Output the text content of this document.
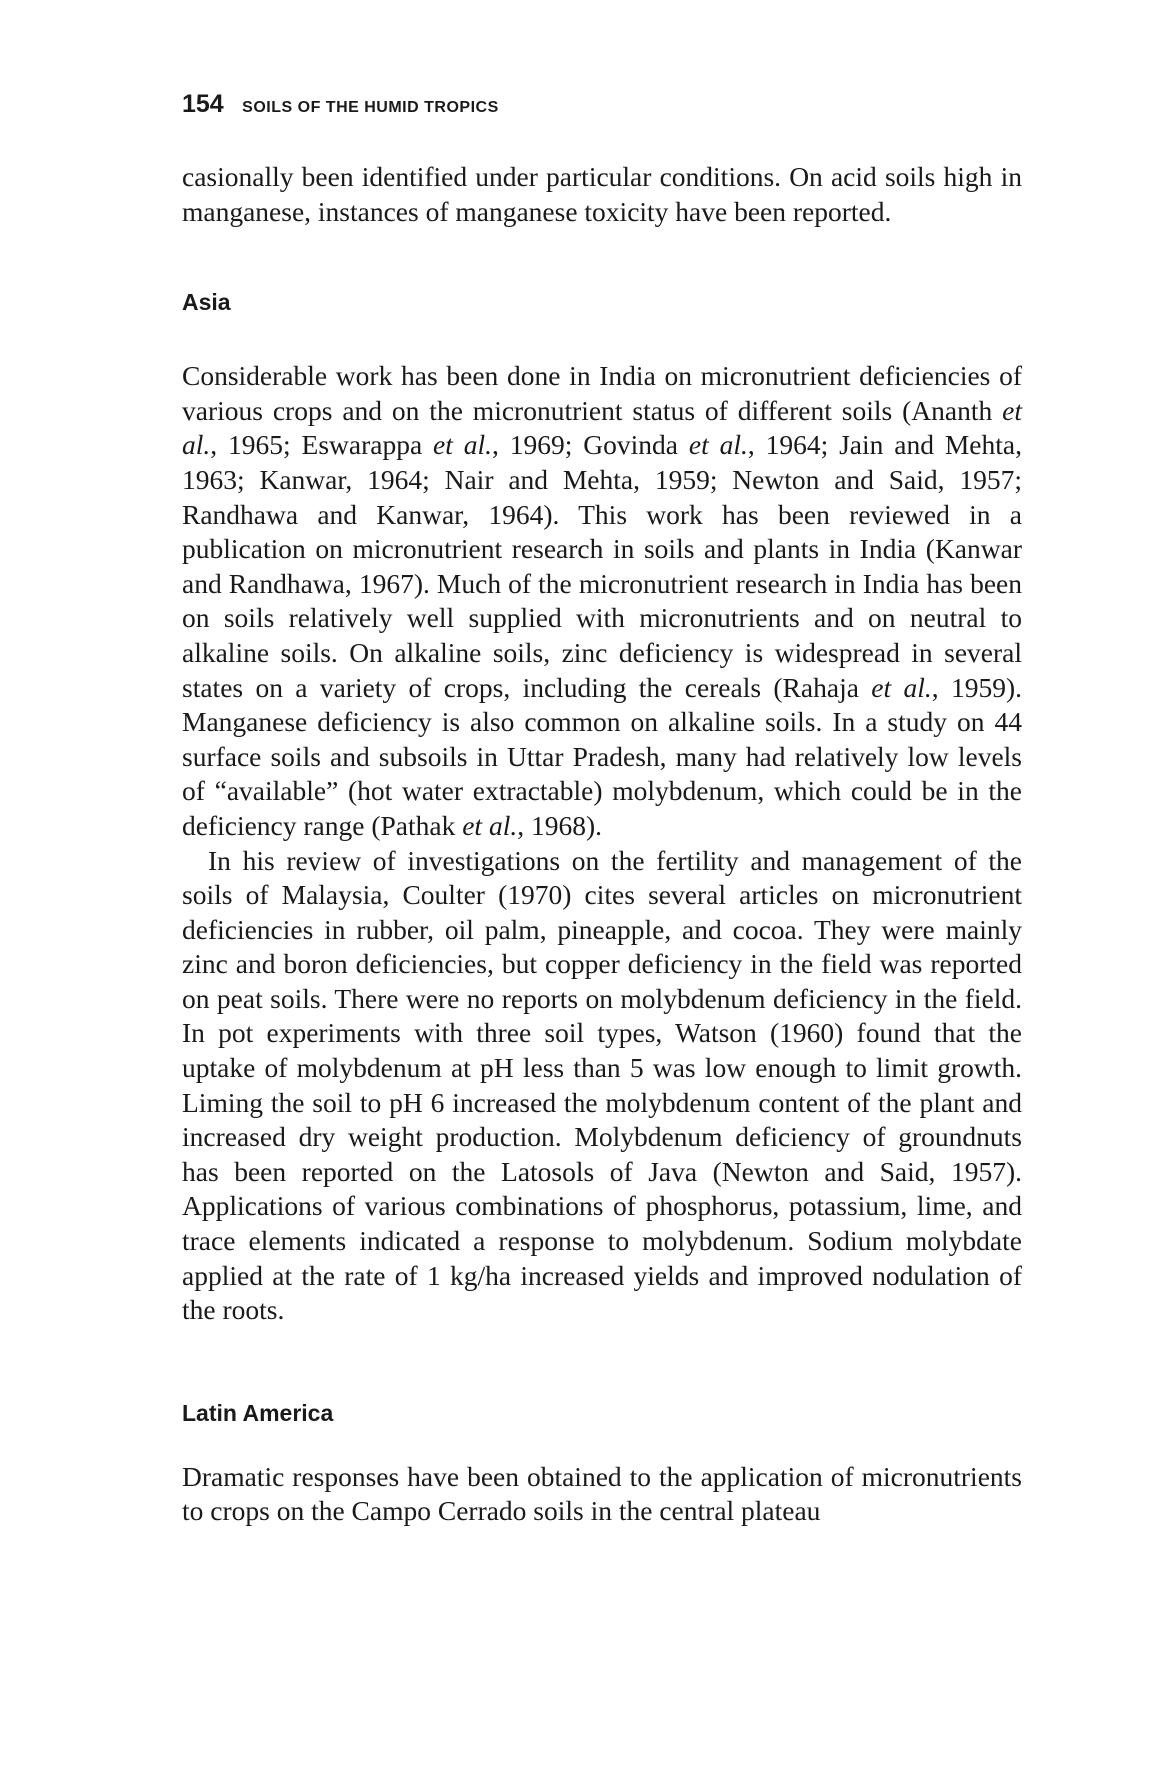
154 SOILS OF THE HUMID TROPICS

casionally been identified under particular conditions. On acid soils high in manganese, instances of manganese toxicity have been reported.

Asia

Considerable work has been done in India on micronutrient deficiencies of various crops and on the micronutrient status of different soils (Ananth et al., 1965; Eswarappa et al., 1969; Govinda et al., 1964; Jain and Mehta, 1963; Kanwar, 1964; Nair and Mehta, 1959; Newton and Said, 1957; Randhawa and Kanwar, 1964). This work has been reviewed in a publication on micronutrient research in soils and plants in India (Kanwar and Randhawa, 1967). Much of the micronutrient research in India has been on soils relatively well supplied with micronutrients and on neutral to alkaline soils. On alkaline soils, zinc deficiency is widespread in several states on a variety of crops, including the cereals (Rahaja et al., 1959). Manganese deficiency is also common on alkaline soils. In a study on 44 surface soils and subsoils in Uttar Pradesh, many had relatively low levels of “available” (hot water extractable) molybdenum, which could be in the deficiency range (Pathak et al., 1968).

In his review of investigations on the fertility and management of the soils of Malaysia, Coulter (1970) cites several articles on micronutrient deficiencies in rubber, oil palm, pineapple, and cocoa. They were mainly zinc and boron deficiencies, but copper deficiency in the field was reported on peat soils. There were no reports on molybdenum deficiency in the field. In pot experiments with three soil types, Watson (1960) found that the uptake of molybdenum at pH less than 5 was low enough to limit growth. Liming the soil to pH 6 increased the molybdenum content of the plant and increased dry weight production. Molybdenum deficiency of groundnuts has been reported on the Latosols of Java (Newton and Said, 1957). Applications of various combinations of phosphorus, potassium, lime, and trace elements indicated a response to molybdenum. Sodium molybdate applied at the rate of 1 kg/ha increased yields and improved nodulation of the roots.

Latin America

Dramatic responses have been obtained to the application of micronutrients to crops on the Campo Cerrado soils in the central plateau
